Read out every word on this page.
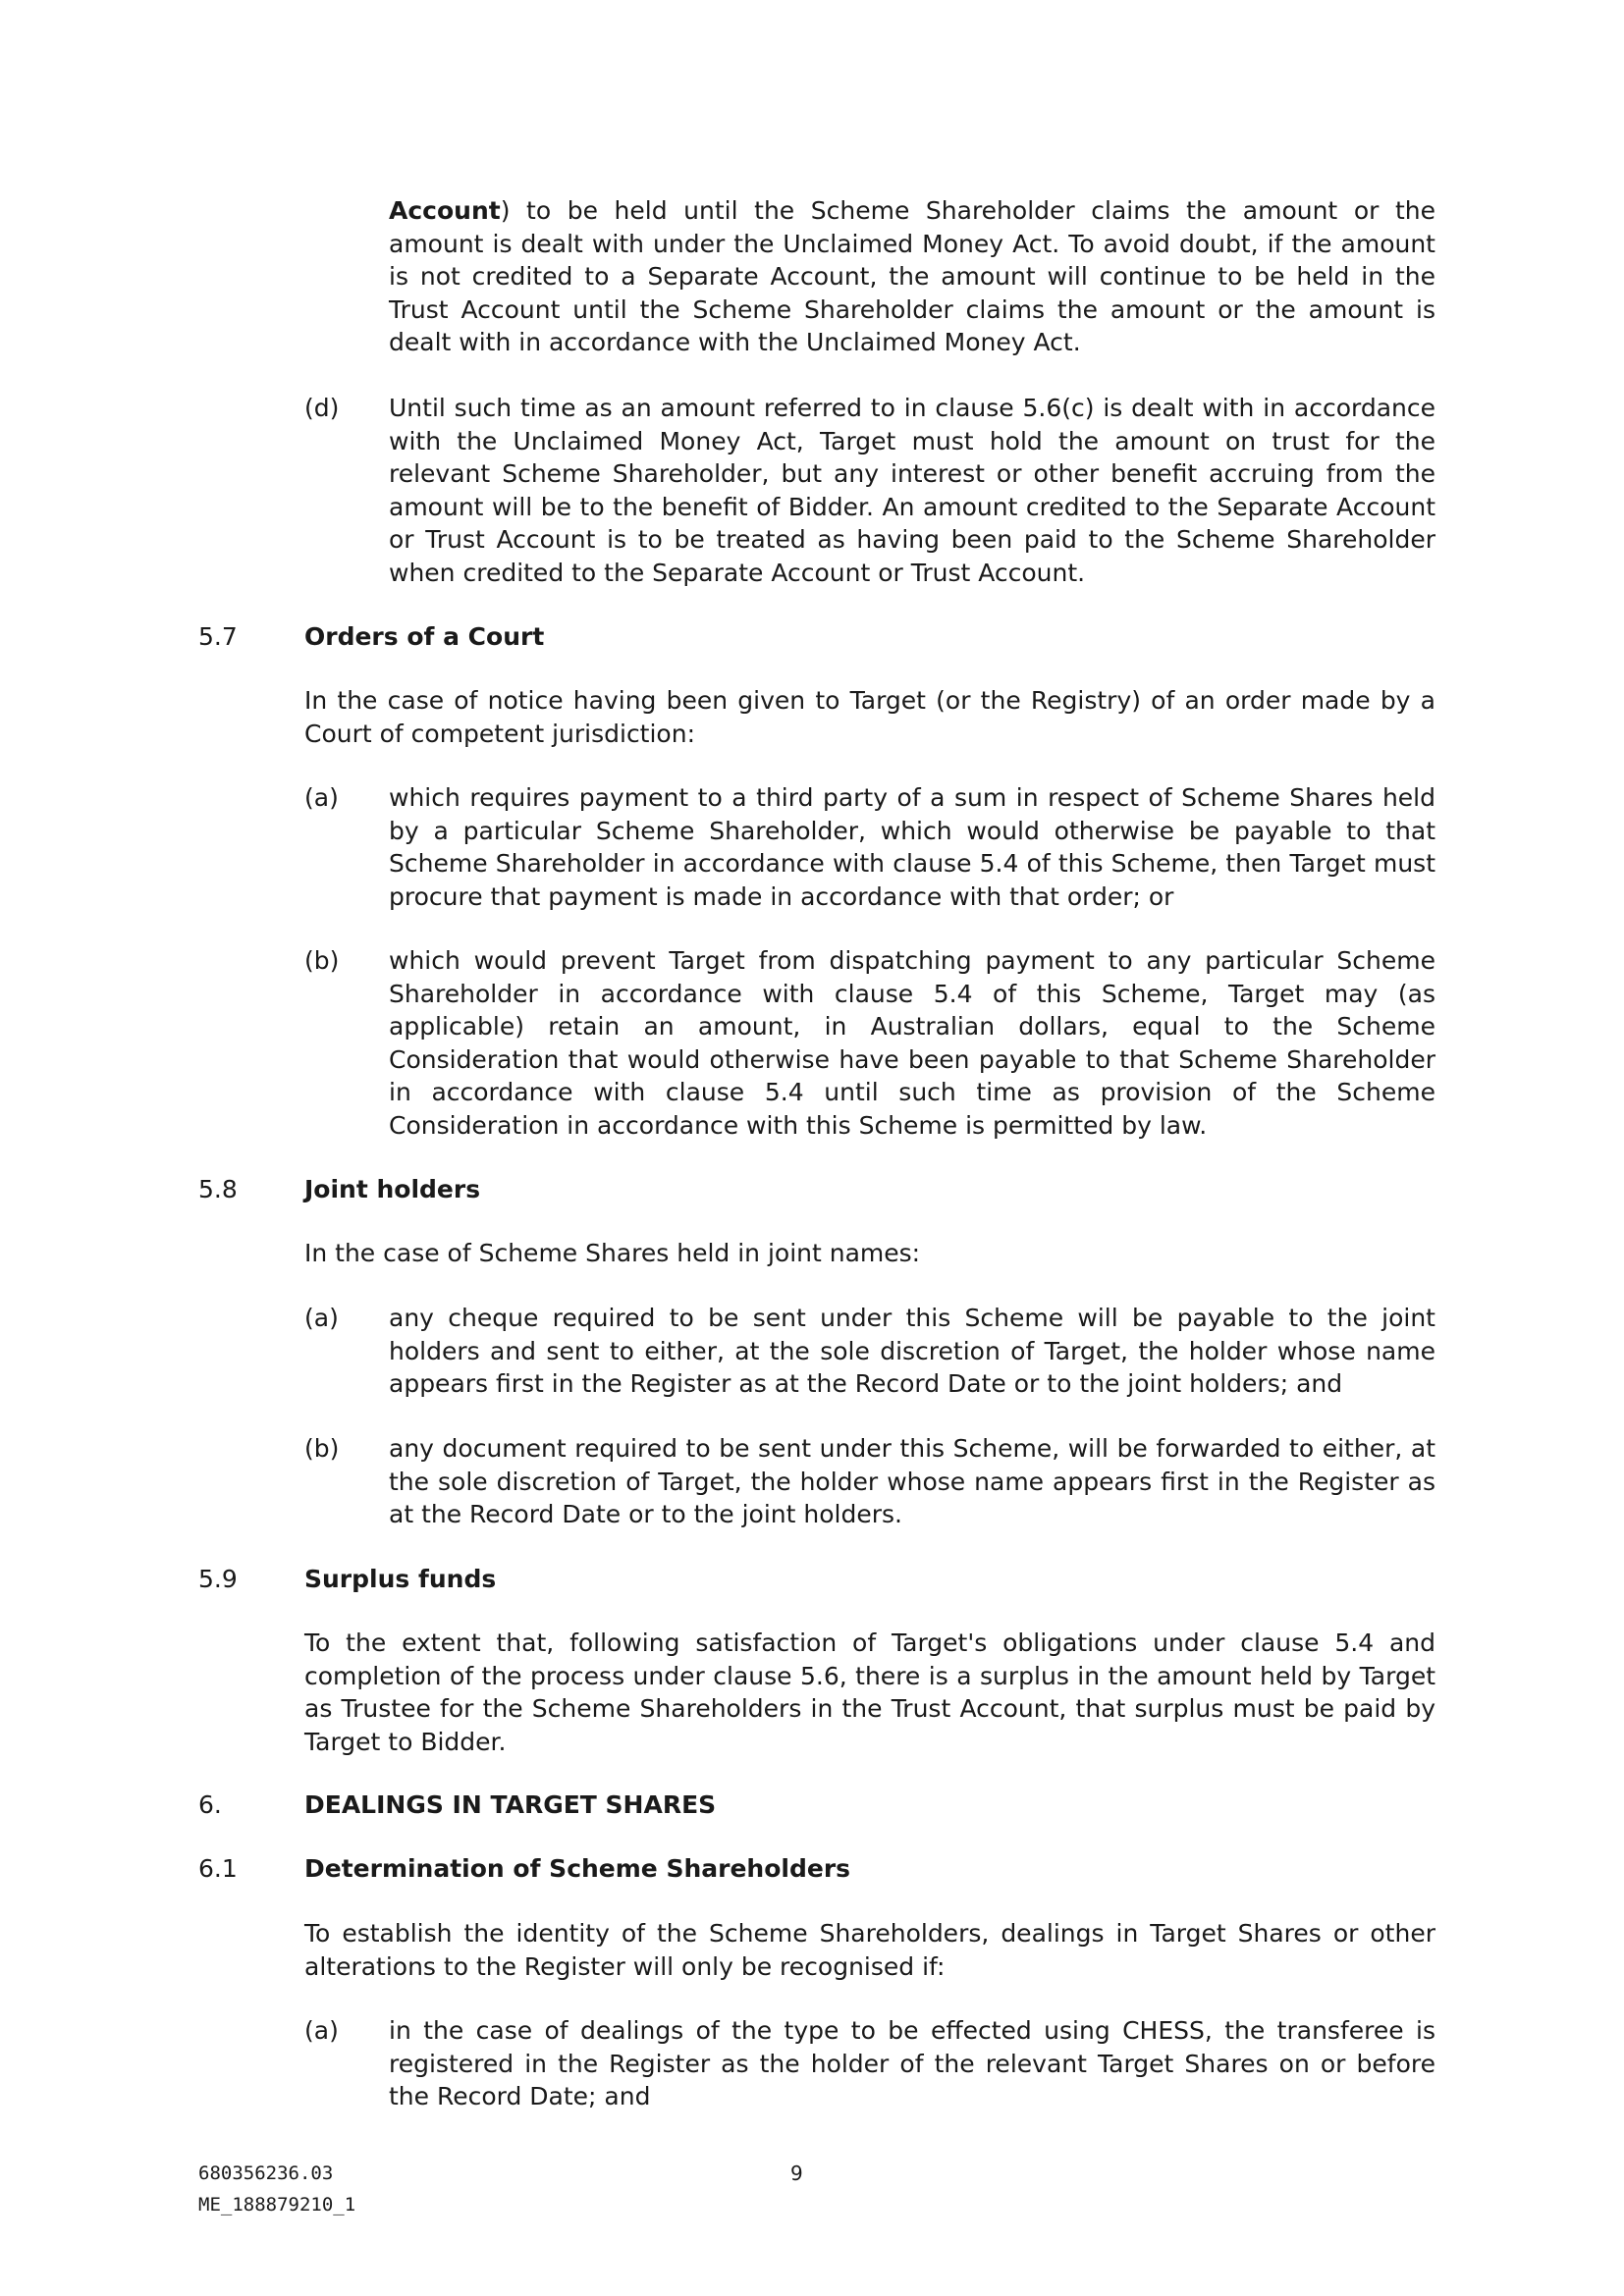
Account) to be held until the Scheme Shareholder claims the amount or the amount is dealt with under the Unclaimed Money Act. To avoid doubt, if the amount is not credited to a Separate Account, the amount will continue to be held in the Trust Account until the Scheme Shareholder claims the amount or the amount is dealt with in accordance with the Unclaimed Money Act.

(d) Until such time as an amount referred to in clause 5.6(c) is dealt with in accordance with the Unclaimed Money Act, Target must hold the amount on trust for the relevant Scheme Shareholder, but any interest or other benefit accruing from the amount will be to the benefit of Bidder. An amount credited to the Separate Account or Trust Account is to be treated as having been paid to the Scheme Shareholder when credited to the Separate Account or Trust Account.

5.7	Orders of a Court

In the case of notice having been given to Target (or the Registry) of an order made by a Court of competent jurisdiction:

(a) which requires payment to a third party of a sum in respect of Scheme Shares held by a particular Scheme Shareholder, which would otherwise be payable to that Scheme Shareholder in accordance with clause 5.4 of this Scheme, then Target must procure that payment is made in accordance with that order; or

(b) which would prevent Target from dispatching payment to any particular Scheme Shareholder in accordance with clause 5.4 of this Scheme, Target may (as applicable) retain an amount, in Australian dollars, equal to the Scheme Consideration that would otherwise have been payable to that Scheme Shareholder in accordance with clause 5.4 until such time as provision of the Scheme Consideration in accordance with this Scheme is permitted by law.

5.8	Joint holders

In the case of Scheme Shares held in joint names:

(a) any cheque required to be sent under this Scheme will be payable to the joint holders and sent to either, at the sole discretion of Target, the holder whose name appears first in the Register as at the Record Date or to the joint holders; and

(b) any document required to be sent under this Scheme, will be forwarded to either, at the sole discretion of Target, the holder whose name appears first in the Register as at the Record Date or to the joint holders.

5.9	Surplus funds

To the extent that, following satisfaction of Target's obligations under clause 5.4 and completion of the process under clause 5.6, there is a surplus in the amount held by Target as Trustee for the Scheme Shareholders in the Trust Account, that surplus must be paid by Target to Bidder.

6.	DEALINGS IN TARGET SHARES
6.1	Determination of Scheme Shareholders

To establish the identity of the Scheme Shareholders, dealings in Target Shares or other alterations to the Register will only be recognised if:

(a) in the case of dealings of the type to be effected using CHESS, the transferee is registered in the Register as the holder of the relevant Target Shares on or before the Record Date; and

680356236.03	9
ME_188879210_1
